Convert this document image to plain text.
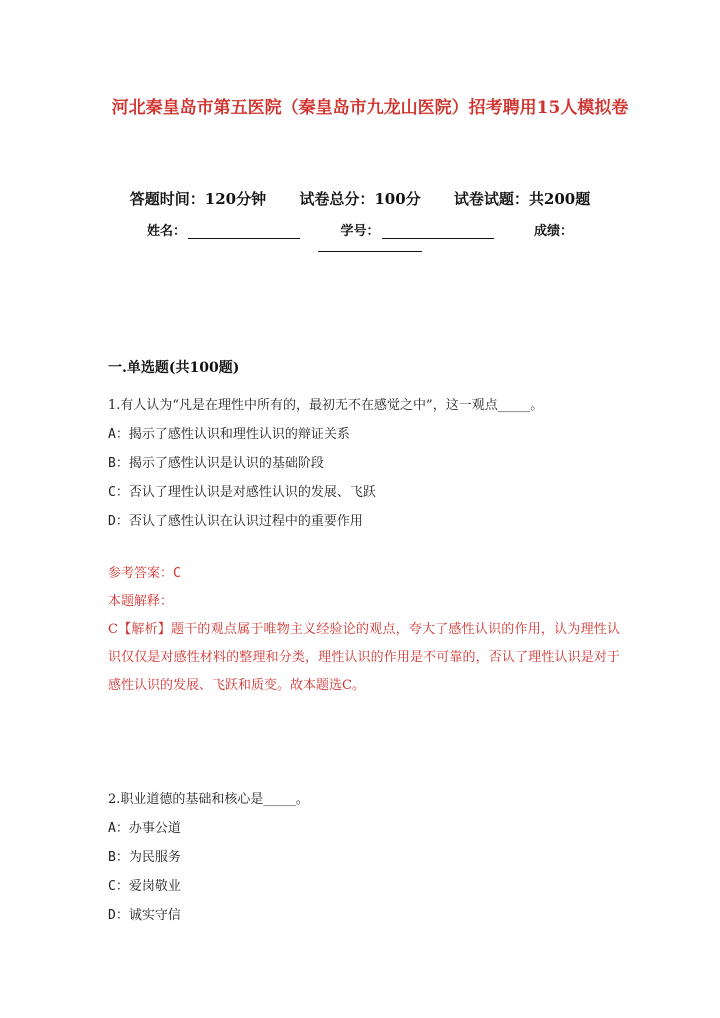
河北秦皇岛市第五医院（秦皇岛市九龙山医院）招考聘用15人模拟卷
答题时间：120分钟 试卷总分：100分 试卷试题：共200题
姓名：	学号：	成绩：
一.单选题(共100题)

1.有人认为“凡是在理性中所有的，最初无不在感觉之中”，这一观点_____。

A：揭示了感性认识和理性认识的辩证关系

B：揭示了感性认识是认识的基础阶段

C：否认了理性认识是对感性认识的发展、飞跃

D：否认了感性认识在认识过程中的重要作用

参考答案：C

本题解释：

C【解析】题干的观点属于唯物主义经验论的观点，夸大了感性认识的作用，认为理性认识仅仅是对感性材料的整理和分类，理性认识的作用是不可靠的，否认了理性认识是对于感性认识的发展、飞跃和质变。故本题选C。

2.职业道德的基础和核心是_____。

A：办事公道

B：为民服务

C：爱岗敬业

D：诚实守信
